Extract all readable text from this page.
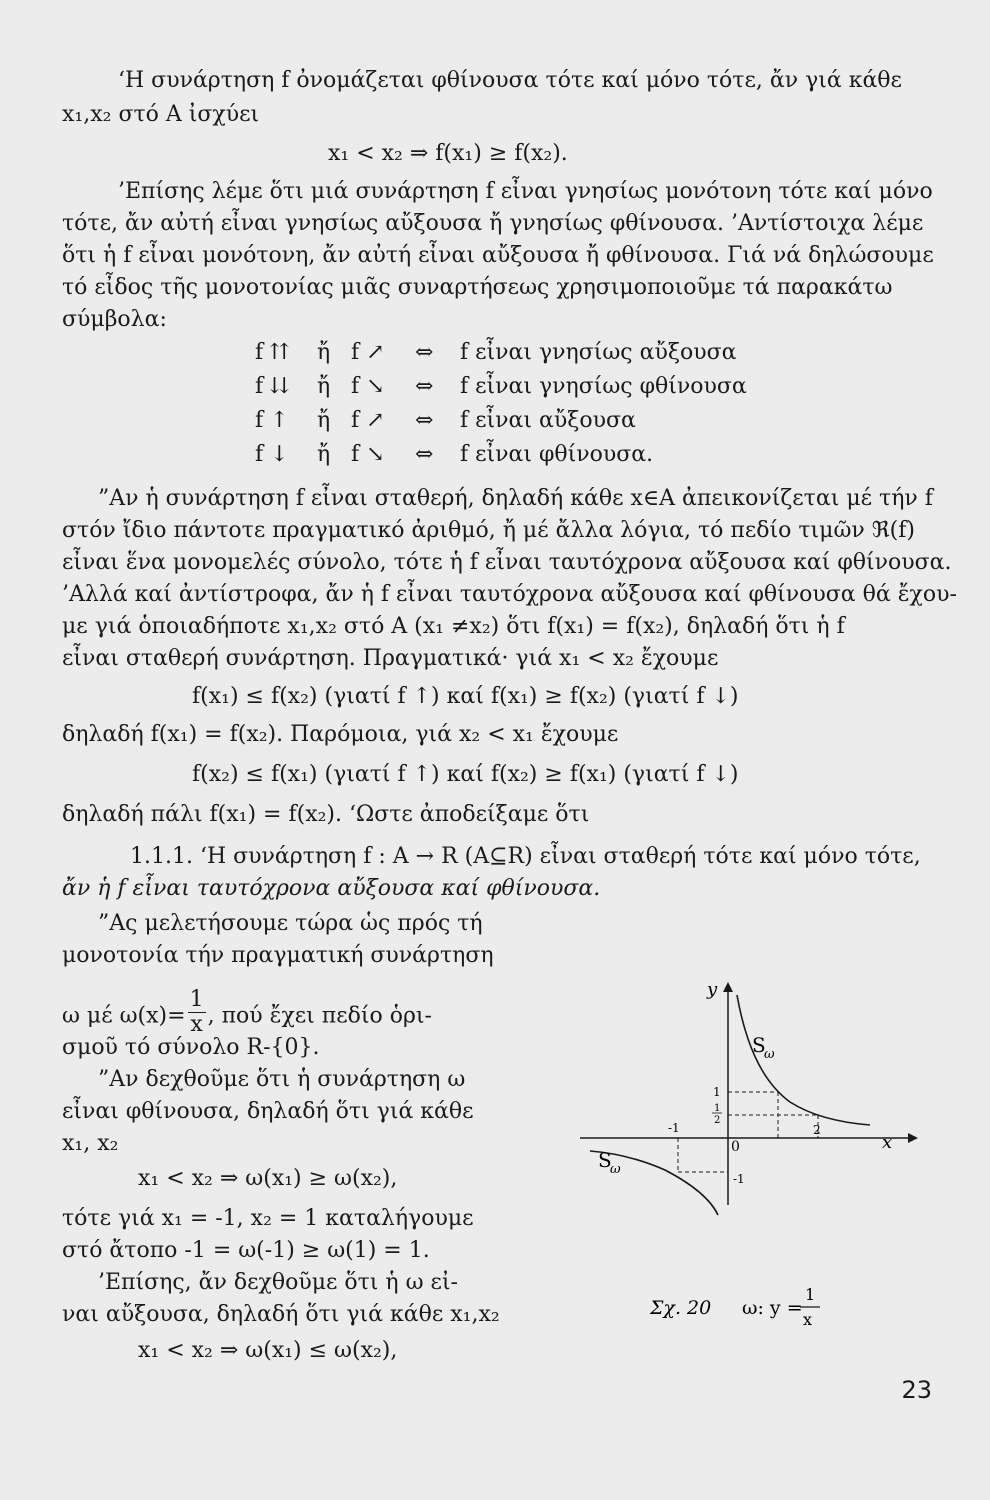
‘Η συνάρτηση f ὀνομάζεται φθίνουσα τότε καί μόνο τότε, ἄν γιά κάθε
x₁,x₂ στό A ἰσχύει
x₁ < x₂ ⇒ f(x₁) ≥ f(x₂).
’Επίσης λέμε ὅτι μιά συνάρτηση f εἶναι γνησίως μονότονη τότε καί μόνο
τότε, ἄν αὐτή εἶναι γνησίως αὔξουσα ἤ γνησίως φθίνουσα. ’Αντίστοιχα λέμε
ὅτι ἡ f εἶναι μονότονη, ἄν αὐτή εἶναι αὔξουσα ἤ φθίνουσα. Γιά νά δηλώσουμε
τό εἶδος τῆς μονοτονίας μιᾶς συναρτήσεως χρησιμοποιοῦμε τά παρακάτω
σύμβολα:
f ⇈ ἤ f ↗ ⇔ f εἶναι γνησίως αὔξουσα
f ⇊ ἤ f ↘ ⇔ f εἶναι γνησίως φθίνουσα
f ↑ ἤ f ↗ ⇔ f εἶναι αὔξουσα
f ↓ ἤ f ↘ ⇔ f εἶναι φθίνουσα.
”Αν ἡ συνάρτηση f εἶναι σταθερή, δηλαδή κάθε x∈A ἀπεικονίζεται μέ τήν f
στόν ἴδιο πάντοτε πραγματικό ἀριθμό, ἤ μέ ἄλλα λόγια, τό πεδίο τιμῶν ℜ(f)
εἶναι ἕνα μονομελές σύνολο, τότε ἡ f εἶναι ταυτόχρονα αὔξουσα καί φθίνουσα.
’Αλλά καί ἀντίστροφα, ἄν ἡ f εἶναι ταυτόχρονα αὔξουσα καί φθίνουσα θά ἔχου-
με γιά ὁποιαδήποτε x₁,x₂ στό A (x₁ ≠x₂) ὅτι f(x₁) = f(x₂), δηλαδή ὅτι ἡ f
εἶναι σταθερή συνάρτηση. Πραγματικά· γιά x₁ < x₂ ἔχουμε
f(x₁) ≤ f(x₂) (γιατί f ↑) καί f(x₁) ≥ f(x₂) (γιατί f ↓)
δηλαδή f(x₁) = f(x₂). Παρόμοια, γιά x₂ < x₁ ἔχουμε
f(x₂) ≤ f(x₁) (γιατί f ↑) καί f(x₂) ≥ f(x₁) (γιατί f ↓)
δηλαδή πάλι f(x₁) = f(x₂). ‘Ωστε ἀποδείξαμε ὅτι
1.1.1. ‘Η συνάρτηση f : A → R (A⊆R) εἶναι σταθερή τότε καί μόνο τότε,
ἄν ἡ f εἶναι ταυτόχρονα αὔξουσα καί φθίνουσα.
”Ας μελετήσουμε τώρα ὡς πρός τή
μονοτονία τήν πραγματική συνάρτηση
ω μέ $\omega(x)= \frac{1}{x}$ , πού ἔχει πεδίο ὁρι-
σμοῦ τό σύνολο R-{0}.
”Αν δεχθοῦμε ὅτι ἡ συνάρτηση ω
εἶναι φθίνουσα, δηλαδή ὅτι γιά κάθε
x₁, x₂
x₁ < x₂ ⇒ ω(x₁) ≥ ω(x₂),
τότε γιά x₁ = -1, x₂ = 1 καταλήγουμε
στό ἄτοπο -1 = ω(-1) ≥ ω(1) = 1.
’Επίσης, ἄν δεχθοῦμε ὅτι ἡ ω εἰ-
ναι αὔξουσα, δηλαδή ὅτι γιά κάθε x₁,x₂
x₁ < x₂ ⇒ ω(x₁) ≤ ω(x₂),
y
x
0
1
1
2
-1	2
-1
S
ω
S
ω
Σχ. 20 ω: y =
1
x
23
